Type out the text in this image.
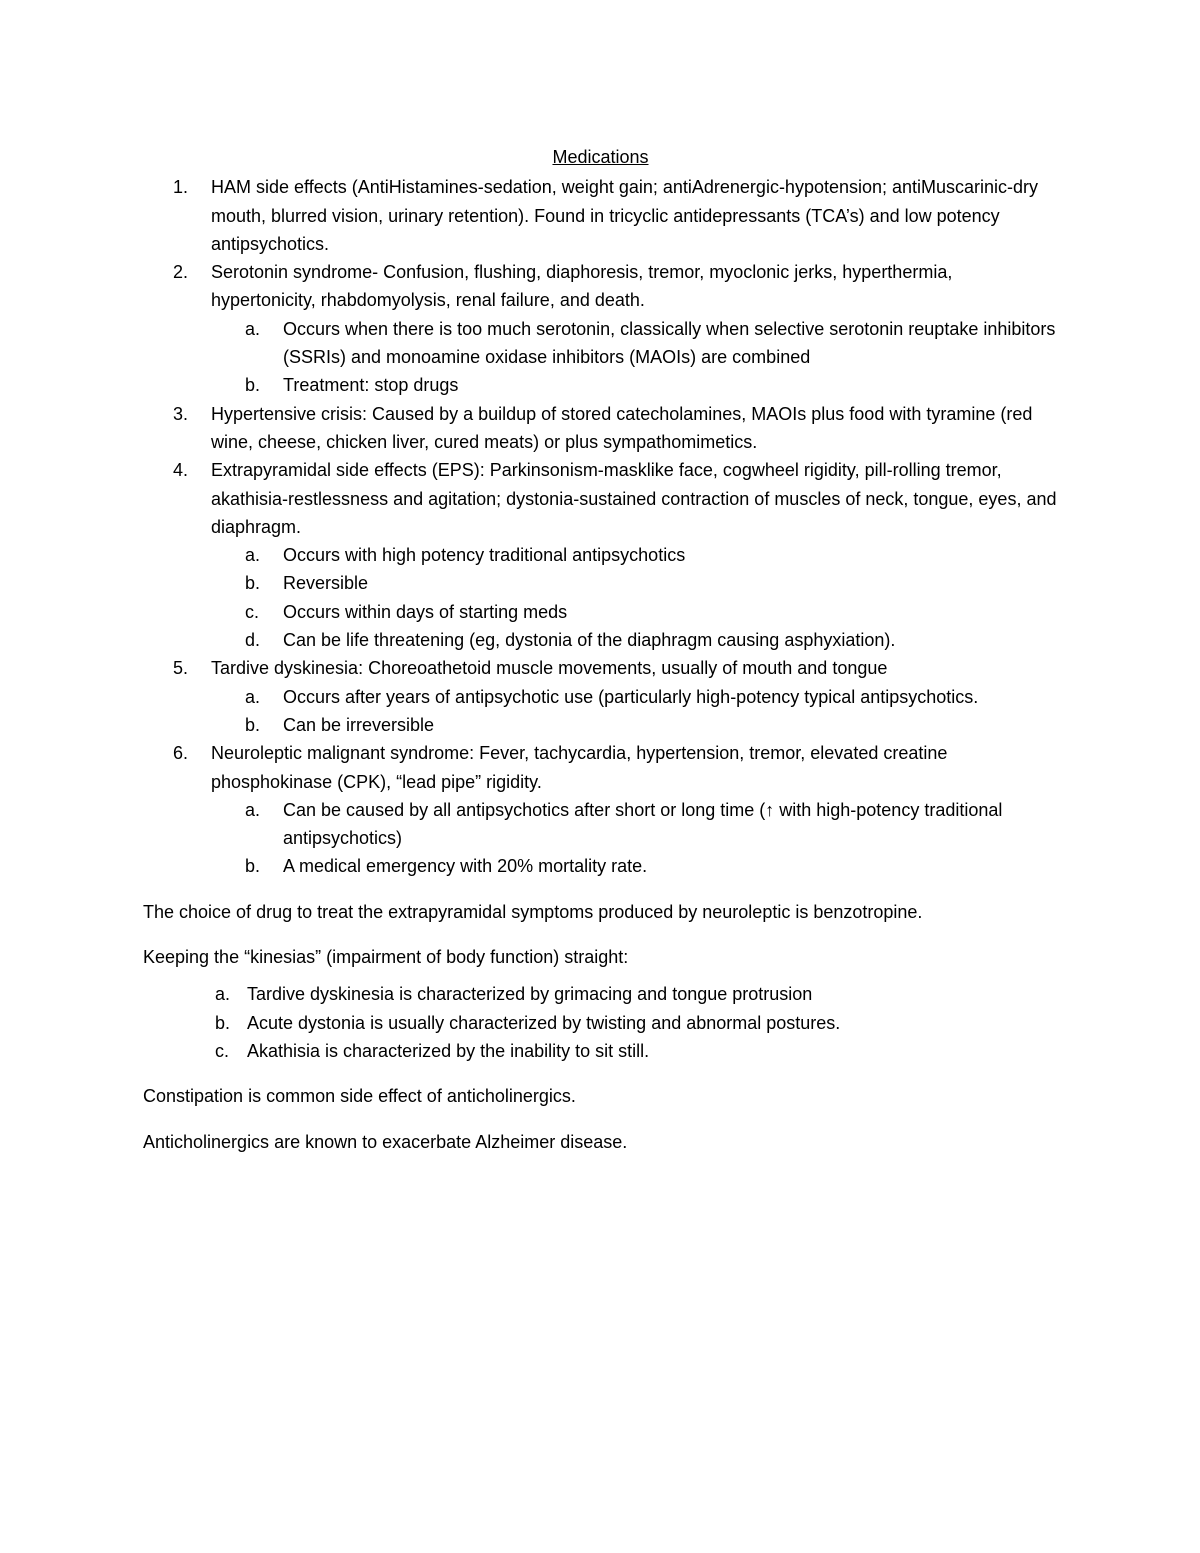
Medications
1. HAM side effects (AntiHistamines-sedation, weight gain; antiAdrenergic-hypotension; antiMuscarinic-dry mouth, blurred vision, urinary retention). Found in tricyclic antidepressants (TCA’s) and low potency antipsychotics.
2. Serotonin syndrome- Confusion, flushing, diaphoresis, tremor, myoclonic jerks, hyperthermia, hypertonicity, rhabdomyolysis, renal failure, and death.
a. Occurs when there is too much serotonin, classically when selective serotonin reuptake inhibitors (SSRIs) and monoamine oxidase inhibitors (MAOIs) are combined
b. Treatment: stop drugs
3. Hypertensive crisis: Caused by a buildup of stored catecholamines, MAOIs plus food with tyramine (red wine, cheese, chicken liver, cured meats) or plus sympathomimetics.
4. Extrapyramidal side effects (EPS): Parkinsonism-masklike face, cogwheel rigidity, pill-rolling tremor, akathisia-restlessness and agitation; dystonia-sustained contraction of muscles of neck, tongue, eyes, and diaphragm.
a. Occurs with high potency traditional antipsychotics
b. Reversible
c. Occurs within days of starting meds
d. Can be life threatening (eg, dystonia of the diaphragm causing asphyxiation).
5. Tardive dyskinesia: Choreoathetoid muscle movements, usually of mouth and tongue
a. Occurs after years of antipsychotic use (particularly high-potency typical antipsychotics.
b. Can be irreversible
6. Neuroleptic malignant syndrome: Fever, tachycardia, hypertension, tremor, elevated creatine phosphokinase (CPK), “lead pipe” rigidity.
a. Can be caused by all antipsychotics after short or long time (↑ with high-potency traditional antipsychotics)
b. A medical emergency with 20% mortality rate.

The choice of drug to treat the extrapyramidal symptoms produced by neuroleptic is benzotropine.

Keeping the “kinesias” (impairment of body function) straight:

a. Tardive dyskinesia is characterized by grimacing and tongue protrusion
b. Acute dystonia is usually characterized by twisting and abnormal postures.
c. Akathisia is characterized by the inability to sit still.

Constipation is common side effect of anticholinergics.

Anticholinergics are known to exacerbate Alzheimer disease.
